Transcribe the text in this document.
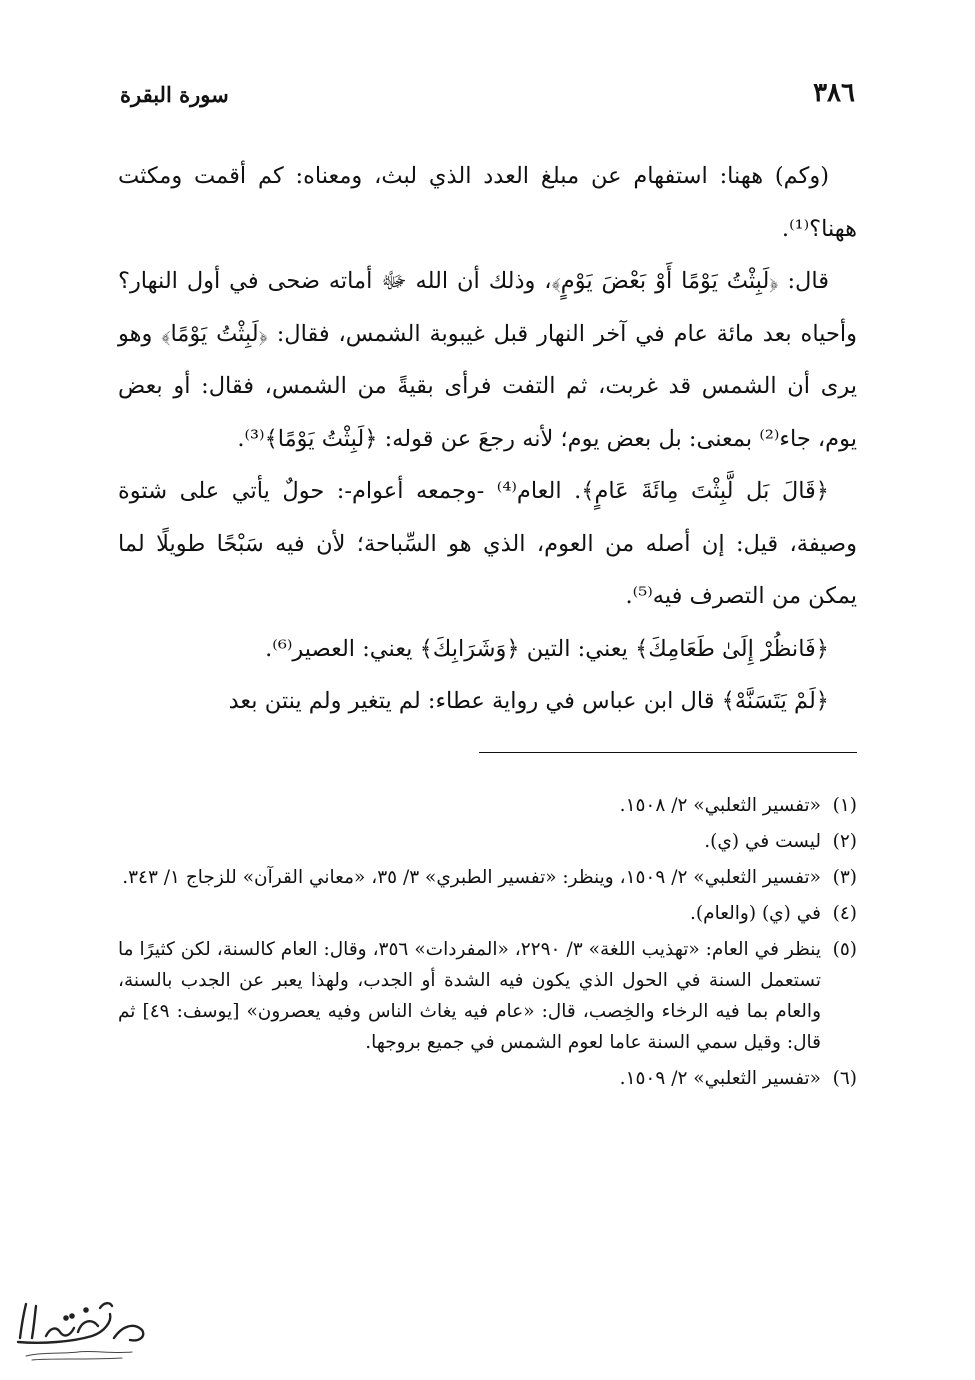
٣٨٦
سورة البقرة

(وكم) ههنا: استفهام عن مبلغ العدد الذي لبث، ومعناه: كم أقمت ومكثت ههنا؟⁽¹⁾.

قال: ﴿لَبِثْتُ يَوْمًا أَوْ بَعْضَ يَوْمٍ﴾، وذلك أن الله ﷻ أماته ضحى في أول النهار؟ وأحياه بعد مائة عام في آخر النهار قبل غيبوبة الشمس، فقال: ﴿لَبِثْتُ يَوْمًا﴾ وهو يرى أن الشمس قد غربت، ثم التفت فرأى بقيةً من الشمس، فقال: أو بعض يوم، جاء⁽²⁾ بمعنى: بل بعض يوم؛ لأنه رجعَ عن قوله: ﴿لَبِثْتُ يَوْمًا﴾⁽³⁾.

﴿قَالَ بَل لَّبِثْتَ مِائَةَ عَامٍ﴾. العام⁽⁴⁾ -وجمعه أعوام-: حولٌ يأتي على شتوة وصيفة، قيل: إن أصله من العوم، الذي هو السِّباحة؛ لأن فيه سَبْحًا طويلًا لما يمكن من التصرف فيه⁽⁵⁾.

﴿فَانظُرْ إِلَىٰ طَعَامِكَ﴾ يعني: التين ﴿وَشَرَابِكَ﴾ يعني: العصير⁽⁶⁾.

﴿لَمْ يَتَسَنَّهْ﴾ قال ابن عباس في رواية عطاء: لم يتغير ولم ينتن بعد

(١)
«تفسير الثعلبي» ٢/ ١٥٠٨.
(٢)
ليست في (ي).
(٣)
«تفسير الثعلبي» ٢/ ١٥٠٩، وينظر: «تفسير الطبري» ٣/ ٣٥، «معاني القرآن» للزجاج ١/ ٣٤٣.
(٤)
في (ي) (والعام).
(٥)
ينظر في العام: «تهذيب اللغة» ٣/ ٢٢٩٠، «المفردات» ٣٥٦، وقال: العام كالسنة، لكن كثيرًا ما تستعمل السنة في الحول الذي يكون فيه الشدة أو الجدب، ولهذا يعبر عن الجدب بالسنة، والعام بما فيه الرخاء والخِصب، قال: «عام فيه يغاث الناس وفيه يعصرون» [يوسف: ٤٩] ثم قال: وقيل سمي السنة عاما لعوم الشمس في جميع بروجها.
(٦)
«تفسير الثعلبي» ٢/ ١٥٠٩.
